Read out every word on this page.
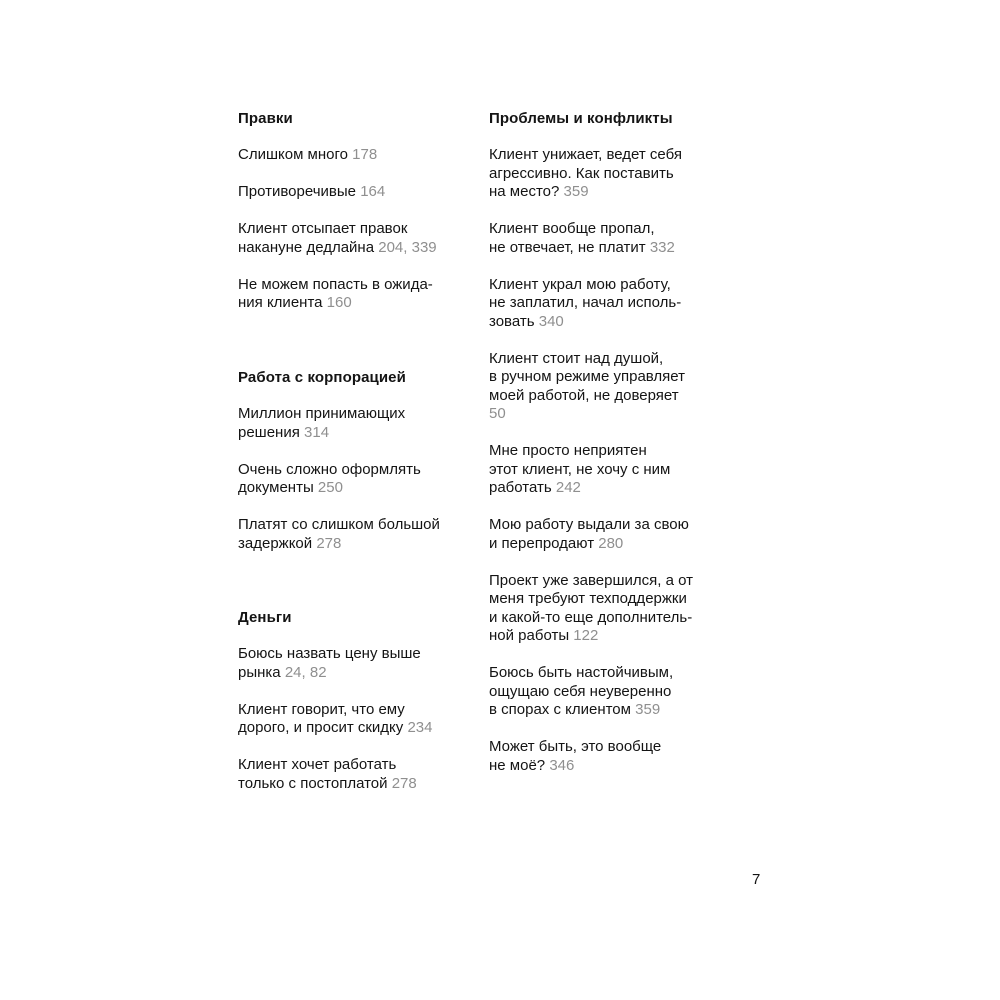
Правки
Слишком много 178
Противоречивые 164
Клиент отсыпает правок
накануне дедлайна 204, 339
Не можем попасть в ожида-
ния клиента 160
Работа с корпорацией
Миллион принимающих
решения 314
Очень сложно оформлять
документы 250
Платят со слишком большой
задержкой 278
Деньги
Боюсь назвать цену выше
рынка 24, 82
Клиент говорит, что ему
дорого, и просит скидку 234
Клиент хочет работать
только с постоплатой 278
Проблемы и конфликты
Клиент унижает, ведет себя
агрессивно. Как поставить
на место? 359
Клиент вообще пропал,
не отвечает, не платит 332
Клиент украл мою работу,
не заплатил, начал исполь-
зовать 340
Клиент стоит над душой,
в ручном режиме управляет
моей работой, не доверяет
50
Мне просто неприятен
этот клиент, не хочу с ним
работать 242
Мою работу выдали за свою
и перепродают 280
Проект уже завершился, а от
меня требуют техподдержки
и какой-то еще дополнитель-
ной работы 122
Боюсь быть настойчивым,
ощущаю себя неуверенно
в спорах с клиентом 359
Может быть, это вообще
не моё? 346
7
